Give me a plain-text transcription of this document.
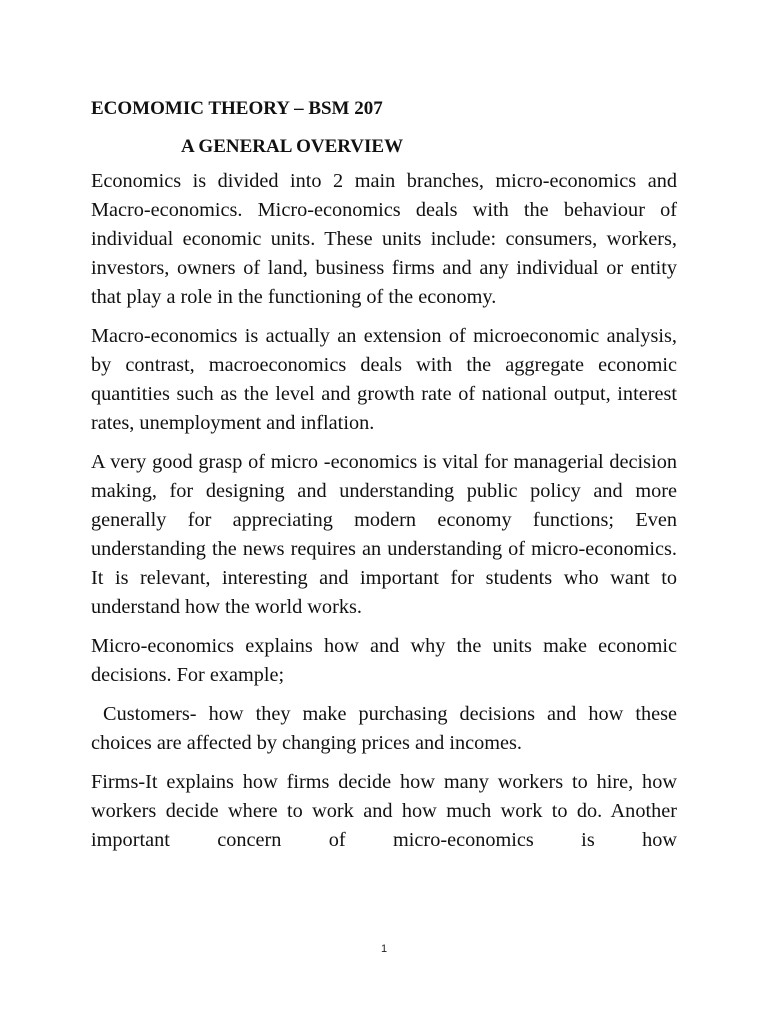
ECOMOMIC THEORY – BSM 207
A GENERAL OVERVIEW

Economics is divided into 2 main branches, micro-economics and Macro-economics. Micro-economics deals with the behaviour of individual economic units. These units include: consumers, workers, investors, owners of land, business firms and any individual or entity that play a role in the functioning of the economy.

Macro-economics is actually an extension of microeconomic analysis, by contrast, macroeconomics deals with the aggregate economic quantities such as the level and growth rate of national output, interest rates, unemployment and inflation.

A very good grasp of micro -economics is vital for managerial decision making, for designing and understanding public policy and more generally for appreciating modern economy functions; Even understanding the news requires an understanding of micro-economics. It is relevant, interesting and important for students who want to understand how the world works.

Micro-economics explains how and why the units make economic decisions. For example;

Customers- how they make purchasing decisions and how these choices are affected by changing prices and incomes.

Firms-It explains how firms decide how many workers to hire, how workers decide where to work and how much work to do. Another important concern of micro-economics is how

1
